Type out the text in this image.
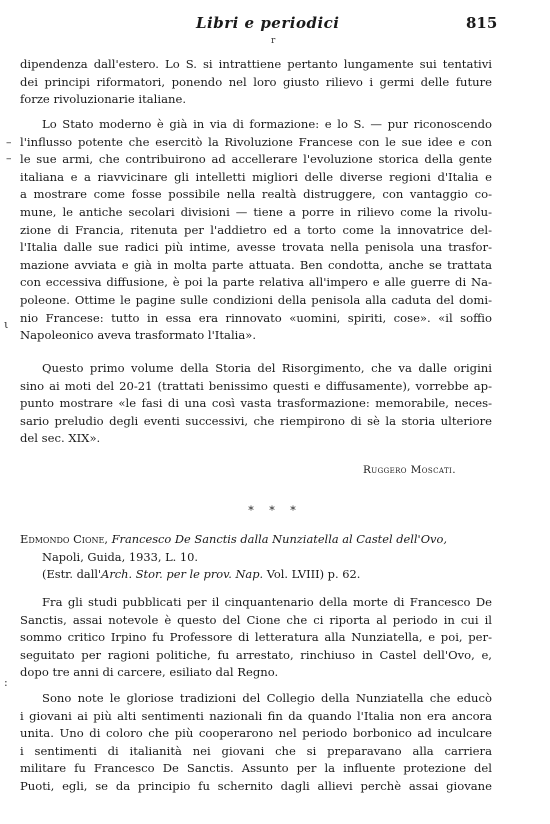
Libri e periodici	815
r
–
–
ι
:
dipendenza dall'estero. Lo S. si intrattiene pertanto lungamente sui tentativi
dei principi riformatori, ponendo nel loro giusto rilievo i germi delle future
forze rivoluzionarie italiane.
Lo Stato moderno è già in via di formazione: e lo S. — pur riconoscendo
l'influsso potente che esercitò la Rivoluzione Francese con le sue idee e con
le sue armi, che contribuirono ad accellerare l'evoluzione storica della gente
italiana e a riavvicinare gli intelletti migliori delle diverse regioni d'Italia e
a mostrare come fosse possibile nella realtà distruggere, con vantaggio co-
mune, le antiche secolari divisioni — tiene a porre in rilievo come la rivolu-
zione di Francia, ritenuta per l'addietro ed a torto come la innovatrice del-
l'Italia dalle sue radici più intime, avesse trovata nella penisola una trasfor-
mazione avviata e già in molta parte attuata. Ben condotta, anche se trattata
con eccessiva diffusione, è poi la parte relativa all'impero e alle guerre di Na-
poleone. Ottime le pagine sulle condizioni della penisola alla caduta del domi-
nio Francese: tutto in essa era rinnovato «uomini, spiriti, cose». «il soffio
Napoleonico aveva trasformato l'Italia».
Questo primo volume della Storia del Risorgimento, che va dalle origini
sino ai moti del 20-21 (trattati benissimo questi e diffusamente), vorrebbe ap-
punto mostrare «le fasi di una così vasta trasformazione: memorabile, neces-
sario preludio degli eventi successivi, che riempirono di sè la storia ulteriore
del sec. XIX».
Ruggero Moscati.
* * *
Edmondo Cione, Francesco De Sanctis dalla Nunziatella al Castel dell'Ovo,
Napoli, Guida, 1933, L. 10.
(Estr. dall'Arch. Stor. per le prov. Nap. Vol. LVIII) p. 62.
Fra gli studi pubblicati per il cinquantenario della morte di Francesco De
Sanctis, assai notevole è questo del Cione che ci riporta al periodo in cui il
sommo critico Irpino fu Professore di letteratura alla Nunziatella, e poi, per-
seguitato per ragioni politiche, fu arrestato, rinchiuso in Castel dell'Ovo, e,
dopo tre anni di carcere, esiliato dal Regno.
Sono note le gloriose tradizioni del Collegio della Nunziatella che educò
i giovani ai più alti sentimenti nazionali fin da quando l'Italia non era ancora
unita. Uno di coloro che più cooperarono nel periodo borbonico ad inculcare
i sentimenti di italianità nei giovani che si preparavano alla carriera
militare fu Francesco De Sanctis. Assunto per la influente protezione del
Puoti, egli, se da principio fu schernito dagli allievi perchè assai giovane
